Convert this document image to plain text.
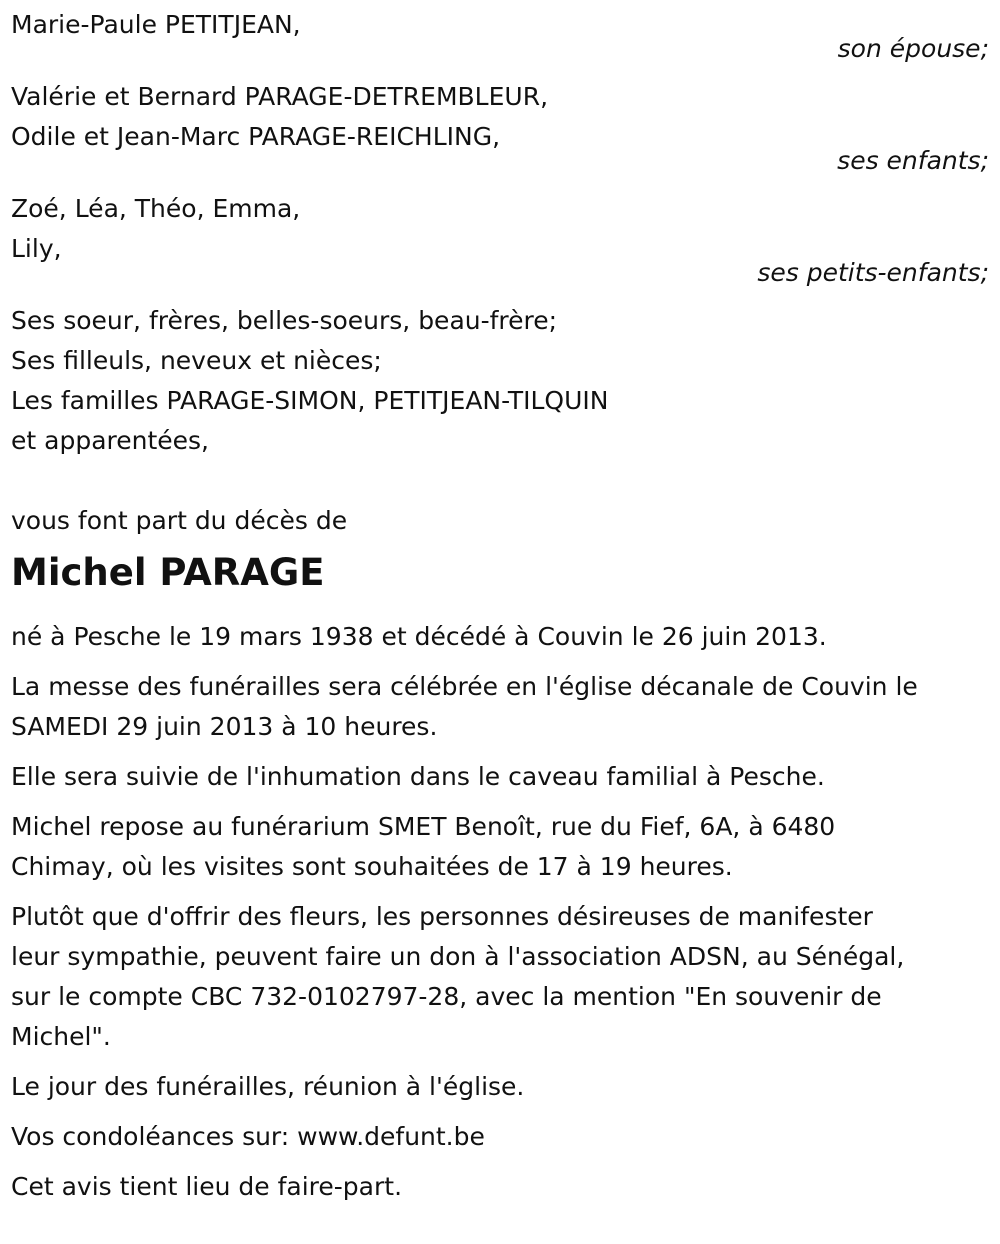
Marie-Paule PETITJEAN,
son épouse;
Valérie et Bernard PARAGE-DETREMBLEUR,
Odile et Jean-Marc PARAGE-REICHLING,
ses enfants;
Zoé, Léa, Théo, Emma,
Lily,
ses petits-enfants;
Ses soeur, frères, belles-soeurs, beau-frère;
Ses filleuls, neveux et nièces;
Les familles PARAGE-SIMON, PETITJEAN-TILQUIN
et apparentées,
vous font part du décès de
Michel PARAGE
né à Pesche le 19 mars 1938 et décédé à Couvin le 26 juin 2013.
La messe des funérailles sera célébrée en l'église décanale de Couvin le
SAMEDI 29 juin 2013 à 10 heures.
Elle sera suivie de l'inhumation dans le caveau familial à Pesche.
Michel repose au funérarium SMET Benoît, rue du Fief, 6A, à 6480
Chimay, où les visites sont souhaitées de 17 à 19 heures.
Plutôt que d'offrir des fleurs, les personnes désireuses de manifester
leur sympathie, peuvent faire un don à l'association ADSN, au Sénégal,
sur le compte CBC 732-0102797-28, avec la mention "En souvenir de
Michel".
Le jour des funérailles, réunion à l'église.
Vos condoléances sur: www.defunt.be
Cet avis tient lieu de faire-part.
